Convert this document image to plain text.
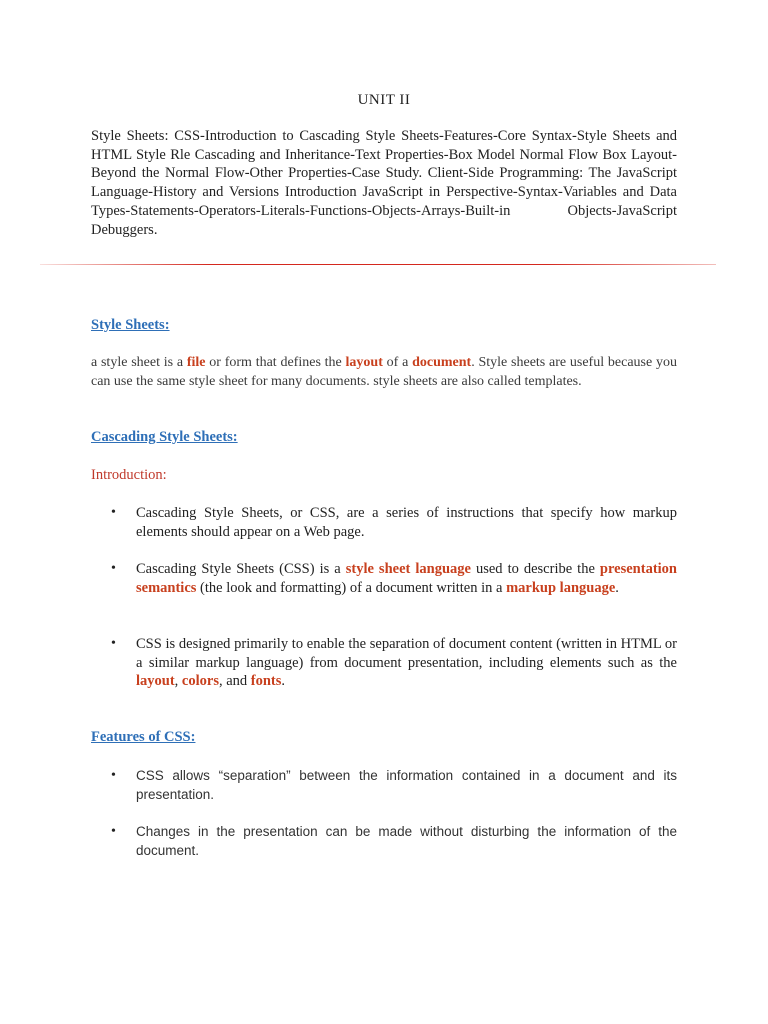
UNIT II
Style Sheets: CSS-Introduction to Cascading Style Sheets-Features-Core Syntax-Style Sheets and HTML Style Rle Cascading and Inheritance-Text Properties-Box Model Normal Flow Box Layout-Beyond the Normal Flow-Other Properties-Case Study. Client-Side Programming: The JavaScript Language-History and Versions Introduction JavaScript in Perspective-Syntax-Variables and Data Types-Statements-Operators-Literals-Functions-Objects-Arrays-Built-in Objects-JavaScript Debuggers.
Style Sheets:
a style sheet is a file or form that defines the layout of a document. Style sheets are useful because you can use the same style sheet for many documents. style sheets are also called templates.
Cascading Style Sheets:
Introduction:
• Cascading Style Sheets, or CSS, are a series of instructions that specify how markup elements should appear on a Web page.
• Cascading Style Sheets (CSS) is a style sheet language used to describe the presentation semantics (the look and formatting) of a document written in a markup language.
• CSS is designed primarily to enable the separation of document content (written in HTML or a similar markup language) from document presentation, including elements such as the layout, colors, and fonts.
Features of CSS:
• CSS allows “separation” between the information contained in a document and its presentation.
• Changes in the presentation can be made without disturbing the information of the document.
